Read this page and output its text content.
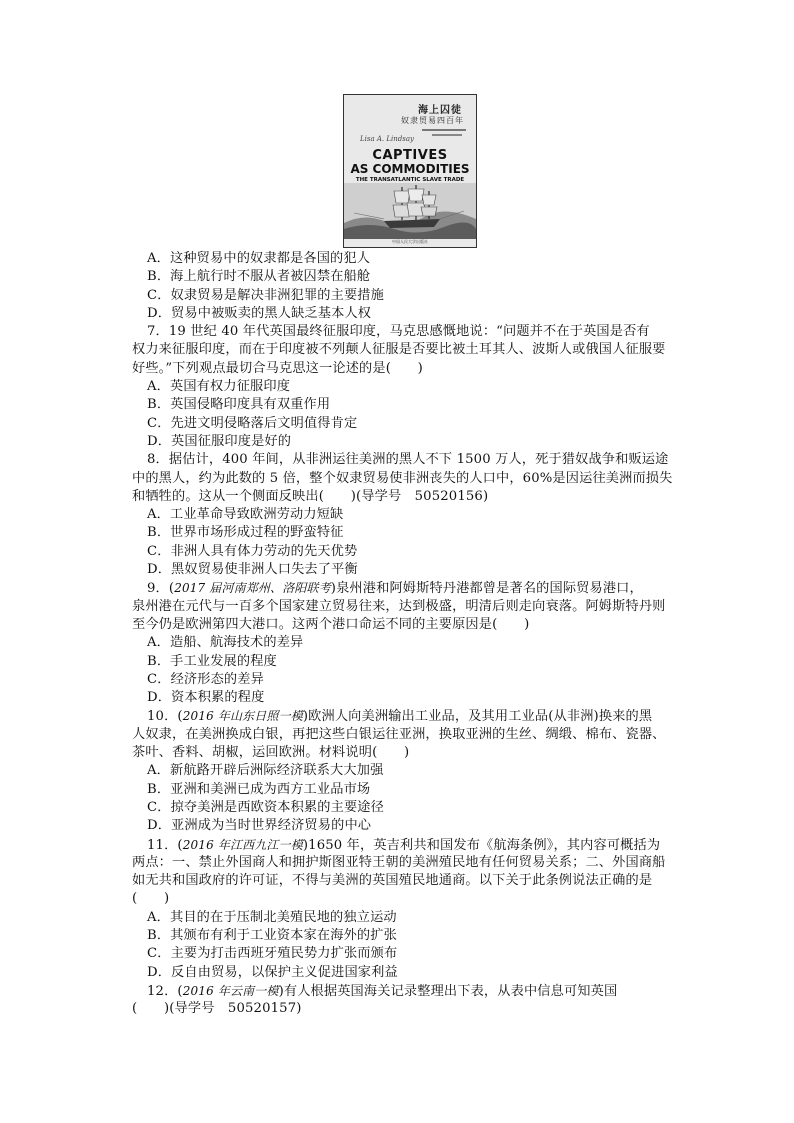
海上囚徒
奴隶贸易四百年
Lisa A. Lindsay
CAPTIVES
AS COMMODITIES
THE TRANSATLANTIC SLAVE TRADE
中国人民大学出版社
A．这种贸易中的奴隶都是各国的犯人
B．海上航行时不服从者被囚禁在船舱
C．奴隶贸易是解决非洲犯罪的主要措施
D．贸易中被贩卖的黑人缺乏基本人权
7．19 世纪 40 年代英国最终征服印度，马克思感慨地说：“问题并不在于英国是否有
权力来征服印度，而在于印度被不列颠人征服是否要比被土耳其人、波斯人或俄国人征服要
好些。”下列观点最切合马克思这一论述的是(　　)
A．英国有权力征服印度
B．英国侵略印度具有双重作用
C．先进文明侵略落后文明值得肯定
D．英国征服印度是好的
8．据估计，400 年间，从非洲运往美洲的黑人不下 1500 万人，死于猎奴战争和贩运途
中的黑人，约为此数的 5 倍，整个奴隶贸易使非洲丧失的人口中，60%是因运往美洲而损失
和牺牲的。这从一个侧面反映出(　　)(导学号　50520156)
A．工业革命导致欧洲劳动力短缺
B．世界市场形成过程的野蛮特征
C．非洲人具有体力劳动的先天优势
D．黑奴贸易使非洲人口失去了平衡
9．(2017 届河南郑州、洛阳联考)泉州港和阿姆斯特丹港都曾是著名的国际贸易港口，
泉州港在元代与一百多个国家建立贸易往来，达到极盛，明清后则走向衰落。阿姆斯特丹则
至今仍是欧洲第四大港口。这两个港口命运不同的主要原因是(　　)
A．造船、航海技术的差异
B．手工业发展的程度
C．经济形态的差异
D．资本积累的程度
10．(2016 年山东日照一模)欧洲人向美洲输出工业品，及其用工业品(从非洲)换来的黑
人奴隶，在美洲换成白银，再把这些白银运往亚洲，换取亚洲的生丝、绸缎、棉布、瓷器、
茶叶、香料、胡椒，运回欧洲。材料说明(　　)
A．新航路开辟后洲际经济联系大大加强
B．亚洲和美洲已成为西方工业品市场
C．掠夺美洲是西欧资本积累的主要途径
D．亚洲成为当时世界经济贸易的中心
11．(2016 年江西九江一模)1650 年，英吉利共和国发布《航海条例》，其内容可概括为
两点：一、禁止外国商人和拥护斯图亚特王朝的美洲殖民地有任何贸易关系；二、外国商船
如无共和国政府的许可证，不得与美洲的英国殖民地通商。以下关于此条例说法正确的是
(　　)
A．其目的在于压制北美殖民地的独立运动
B．其颁布有利于工业资本家在海外的扩张
C．主要为打击西班牙殖民势力扩张而颁布
D．反自由贸易，以保护主义促进国家利益
12．(2016 年云南一模)有人根据英国海关记录整理出下表，从表中信息可知英国
(　　)(导学号　50520157)
